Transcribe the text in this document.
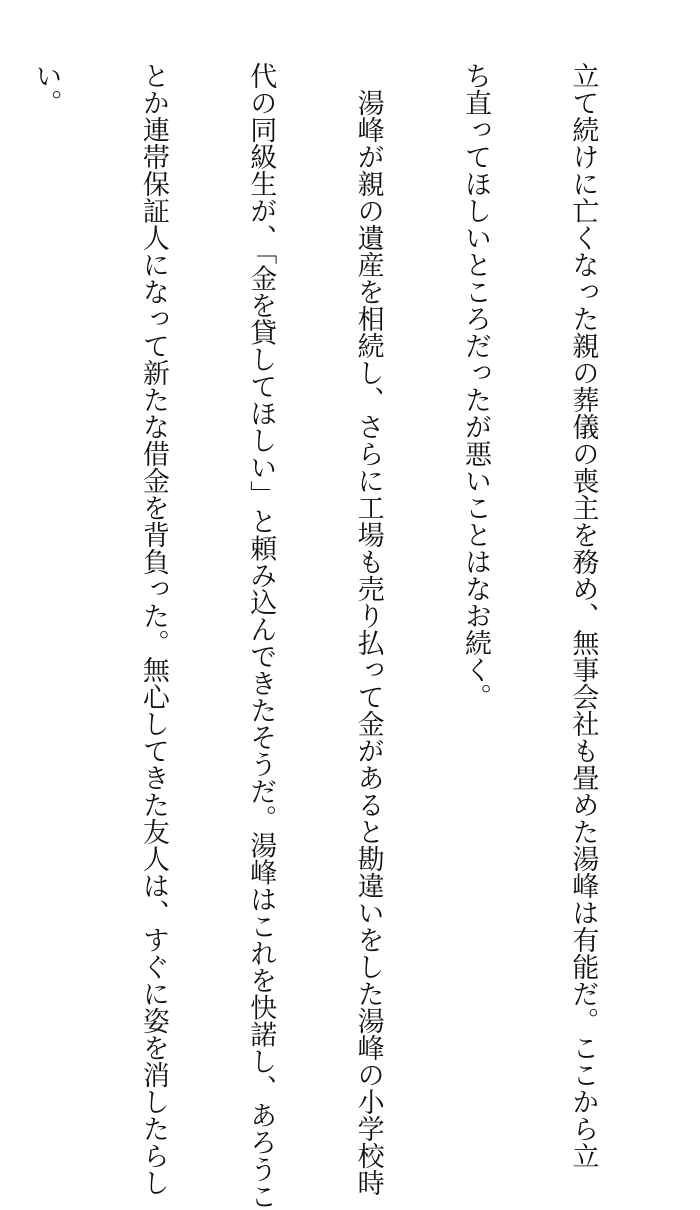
立て続けに亡くなった親の葬儀の喪主を務め、無事会社も畳めた湯峰は有能だ。ここから立

ち直ってほしいところだったが悪いことはなお続く。

　湯峰が親の遺産を相続し、さらに工場も売り払って金があると勘違いをした湯峰の小学校時

代の同級生が、「金を貸してほしい」と頼み込んできたそうだ。湯峰はこれを快諾し、あろうこ

とか連帯保証人になって新たな借金を背負った。無心してきた友人は、すぐに姿を消したらし

い。
